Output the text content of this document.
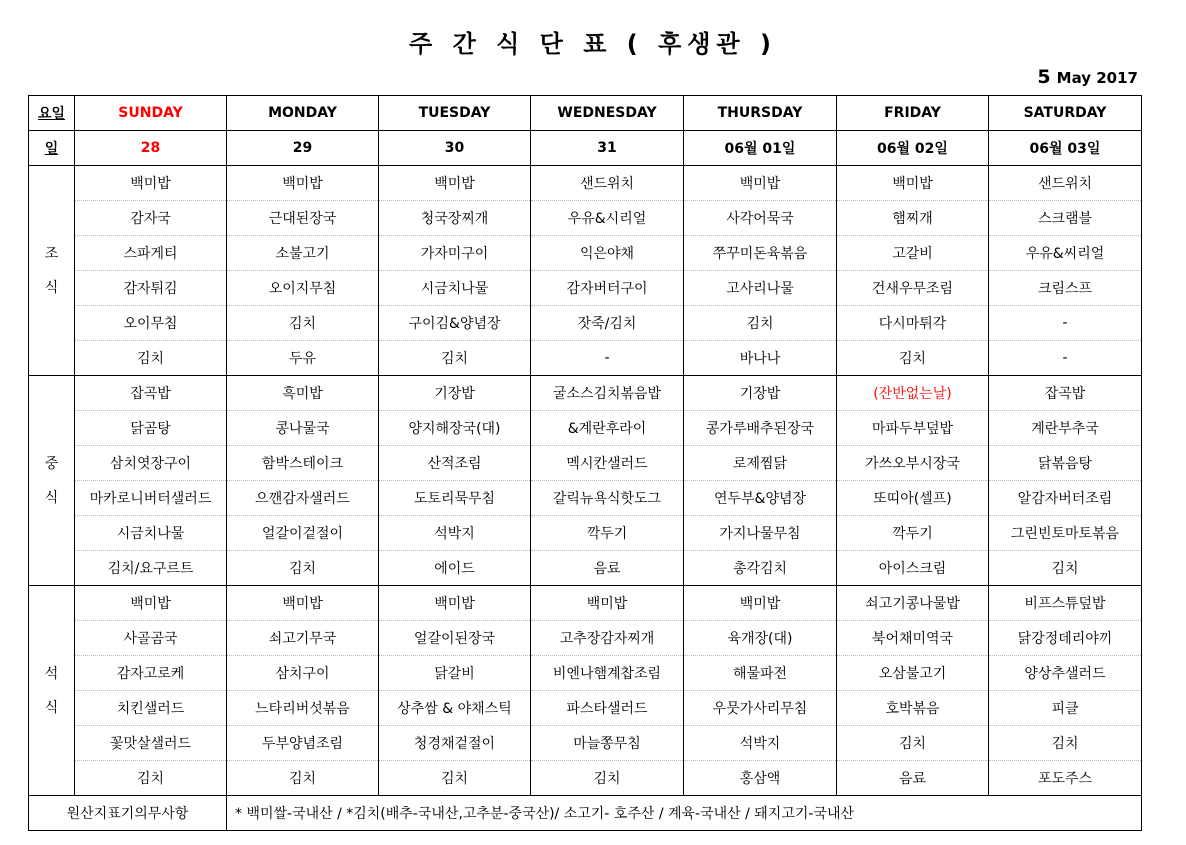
주 간 식 단 표 ( 후생관 )
5 May 2017
요일	SUNDAY	MONDAY	TUESDAY	WEDNESDAY	THURSDAY	FRIDAY	SATURDAY
일	28	29	30	31	06월 01일	06월 02일	06월 03일

조
식	백미밥	백미밥	백미밥	샌드위치	백미밥	백미밥	샌드위치
	감자국	근대된장국	청국장찌개	우유&시리얼	사각어묵국	햄찌개	스크램블
	스파게티	소불고기	가자미구이	익은야채	쭈꾸미돈육볶음	고갈비	우유&씨리얼
	감자튀김	오이지무침	시금치나물	감자버터구이	고사리나물	건새우무조림	크림스프
	오이무침	김치	구이김&양념장	잣죽/김치	김치	다시마튀각	-
	김치	두유	김치	-	바나나	김치	-

중
식	잡곡밥	흑미밥	기장밥	굴소스김치볶음밥	기장밥	(잔반없는날)	잡곡밥
	닭곰탕	콩나물국	양지해장국(대)	&계란후라이	콩가루배추된장국	마파두부덮밥	계란부추국
	삼치엿장구이	함박스테이크	산적조림	멕시칸샐러드	로제찜닭	가쓰오부시장국	닭볶음탕
	마카로니버터샐러드	으깬감자샐러드	도토리묵무침	갈릭뉴욕식핫도그	연두부&양념장	또띠아(셀프)	알감자버터조림
	시금치나물	얼갈이겉절이	석박지	깍두기	가지나물무침	깍두기	그린빈토마토볶음
	김치/요구르트	김치	에이드	음료	총각김치	아이스크림	김치

석
식	백미밥	백미밥	백미밥	백미밥	백미밥	쇠고기콩나물밥	비프스튜덮밥
	사골곰국	쇠고기무국	얼갈이된장국	고추장감자찌개	육개장(대)	북어채미역국	닭강정데리야끼
	감자고로케	삼치구이	닭갈비	비엔나햄계찹조림	해물파전	오삼불고기	양상추샐러드
	치킨샐러드	느타리버섯볶음	상추쌈 & 야채스틱	파스타샐러드	우뭇가사리무침	호박볶음	피클
	꽃맛살샐러드	두부양념조림	청경채겉절이	마늘쫑무침	석박지	김치	김치
	김치	김치	김치	김치	홍삼액	음료	포도주스
원산지표기의무사항		* 백미쌀-국내산 / *김치(배추-국내산,고추분-중국산)/ 소고기- 호주산 / 계육-국내산 / 돼지고기-국내산					
